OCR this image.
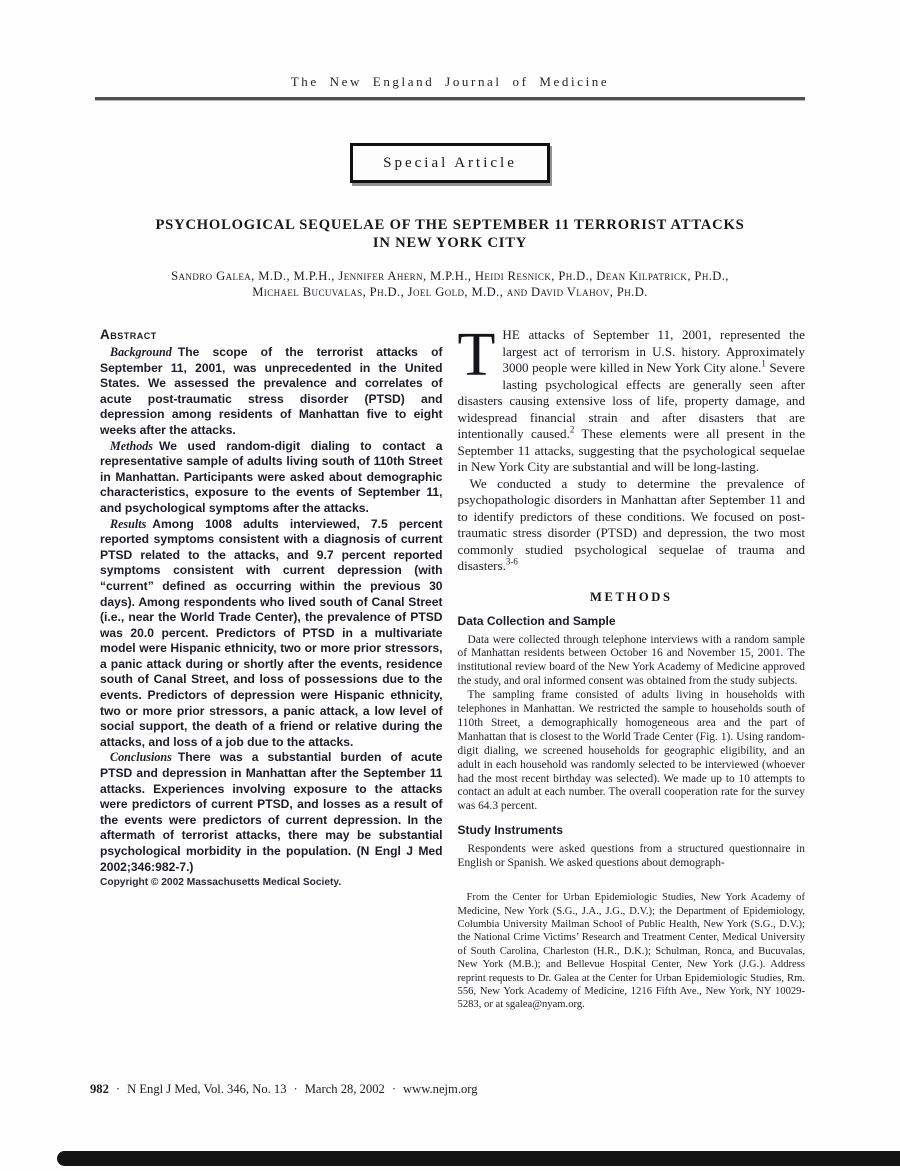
The New England Journal of Medicine
Special Article
PSYCHOLOGICAL SEQUELAE OF THE SEPTEMBER 11 TERRORIST ATTACKS
IN NEW YORK CITY
Sandro Galea, M.D., M.P.H., Jennifer Ahern, M.P.H., Heidi Resnick, Ph.D., Dean Kilpatrick, Ph.D.,
Michael Bucuvalas, Ph.D., Joel Gold, M.D., and David Vlahov, Ph.D.
Abstract

Background The scope of the terrorist attacks of September 11, 2001, was unprecedented in the United States. We assessed the prevalence and correlates of acute post-traumatic stress disorder (PTSD) and depression among residents of Manhattan five to eight weeks after the attacks.

Methods We used random-digit dialing to contact a representative sample of adults living south of 110th Street in Manhattan. Participants were asked about demographic characteristics, exposure to the events of September 11, and psychological symptoms after the attacks.

Results Among 1008 adults interviewed, 7.5 percent reported symptoms consistent with a diagnosis of current PTSD related to the attacks, and 9.7 percent reported symptoms consistent with current depression (with “current” defined as occurring within the previous 30 days). Among respondents who lived south of Canal Street (i.e., near the World Trade Center), the prevalence of PTSD was 20.0 percent. Predictors of PTSD in a multivariate model were Hispanic ethnicity, two or more prior stressors, a panic attack during or shortly after the events, residence south of Canal Street, and loss of possessions due to the events. Predictors of depression were Hispanic ethnicity, two or more prior stressors, a panic attack, a low level of social support, the death of a friend or relative during the attacks, and loss of a job due to the attacks.

Conclusions There was a substantial burden of acute PTSD and depression in Manhattan after the September 11 attacks. Experiences involving exposure to the attacks were predictors of current PTSD, and losses as a result of the events were predictors of current depression. In the aftermath of terrorist attacks, there may be substantial psychological morbidity in the population. (N Engl J Med 2002;346:982-7.)

Copyright © 2002 Massachusetts Medical Society.

THE attacks of September 11, 2001, represented the largest act of terrorism in U.S. history. Approximately 3000 people were killed in New York City alone.$^1$ Severe lasting psychological effects are generally seen after disasters causing extensive loss of life, property damage, and widespread financial strain and after disasters that are intentionally caused.$^2$ These elements were all present in the September 11 attacks, suggesting that the psychological sequelae in New York City are substantial and will be long-lasting.

We conducted a study to determine the prevalence of psychopathologic disorders in Manhattan after September 11 and to identify predictors of these conditions. We focused on post-traumatic stress disorder (PTSD) and depression, the two most commonly studied psychological sequelae of trauma and disasters.$^{3-6}$

METHODS
Data Collection and Sample

Data were collected through telephone interviews with a random sample of Manhattan residents between October 16 and November 15, 2001. The institutional review board of the New York Academy of Medicine approved the study, and oral informed consent was obtained from the study subjects.

The sampling frame consisted of adults living in households with telephones in Manhattan. We restricted the sample to households south of 110th Street, a demographically homogeneous area and the part of Manhattan that is closest to the World Trade Center (Fig. 1). Using random-digit dialing, we screened households for geographic eligibility, and an adult in each household was randomly selected to be interviewed (whoever had the most recent birthday was selected). We made up to 10 attempts to contact an adult at each number. The overall cooperation rate for the survey was 64.3 percent.

Study Instruments

Respondents were asked questions from a structured questionnaire in English or Spanish. We asked questions about demograph-

From the Center for Urban Epidemiologic Studies, New York Academy of Medicine, New York (S.G., J.A., J.G., D.V.); the Department of Epidemiology, Columbia University Mailman School of Public Health, New York (S.G., D.V.); the National Crime Victims’ Research and Treatment Center, Medical University of South Carolina, Charleston (H.R., D.K.); Schulman, Ronca, and Bucuvalas, New York (M.B.); and Bellevue Hospital Center, New York (J.G.). Address reprint requests to Dr. Galea at the Center for Urban Epidemiologic Studies, Rm. 556, New York Academy of Medicine, 1216 Fifth Ave., New York, NY 10029-5283, or at sgalea@nyam.org.

982 · N Engl J Med, Vol. 346, No. 13 · March 28, 2002 · www.nejm.org
